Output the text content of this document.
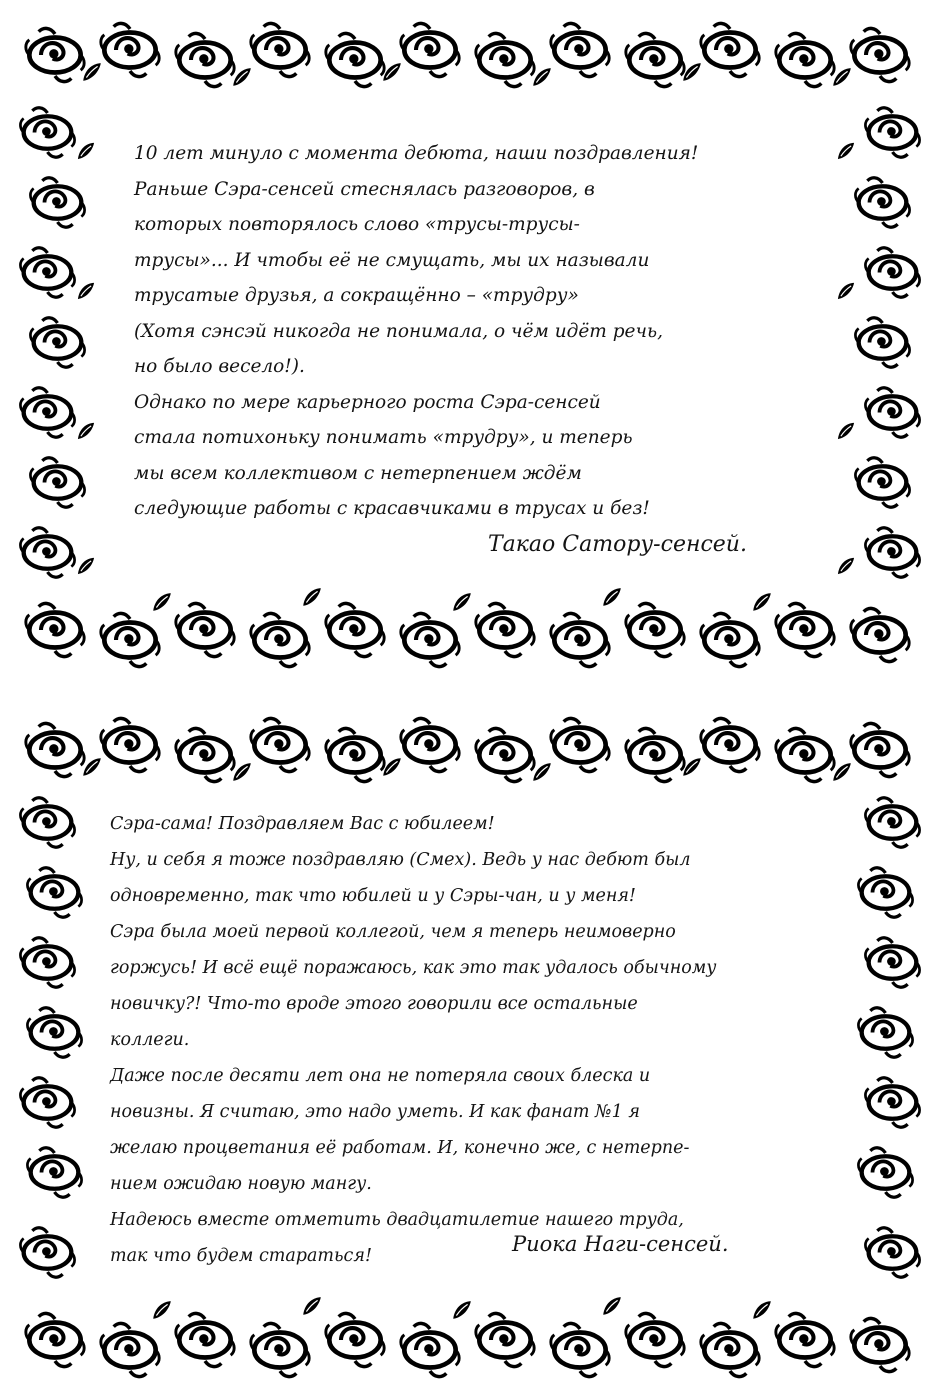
10 лет минуло с момента дебюта, наши поздравления!
Раньше Сэра-сенсей стеснялась разговоров, в
которых повторялось слово «трусы-трусы-
трусы»... И чтобы её не смущать, мы их называли
трусатые друзья, а сокращённо – «трудру»
(Хотя сэнсэй никогда не понимала, о чём идёт речь,
но было весело!).
Однако по мере карьерного роста Сэра-сенсей
стала потихоньку понимать «трудру», и теперь
мы всем коллективом с нетерпением ждём
следующие работы с красавчиками в трусах и без!
Такао Сатору-сенсей.
Сэра-сама! Поздравляем Вас с юбилеем!
Ну, и себя я тоже поздравляю (Смех). Ведь у нас дебют был
одновременно, так что юбилей и у Сэры-чан, и у меня!
Сэра была моей первой коллегой, чем я теперь неимоверно
горжусь! И всё ещё поражаюсь, как это так удалось обычному
новичку?! Что-то вроде этого говорили все остальные
коллеги.
Даже после десяти лет она не потеряла своих блеска и
новизны. Я считаю, это надо уметь. И как фанат №1 я
желаю процветания её работам. И, конечно же, с нетерпе-
нием ожидаю новую мангу.
Надеюсь вместе отметить двадцатилетие нашего труда,
так что будем стараться!	Риока Наги-сенсей.
